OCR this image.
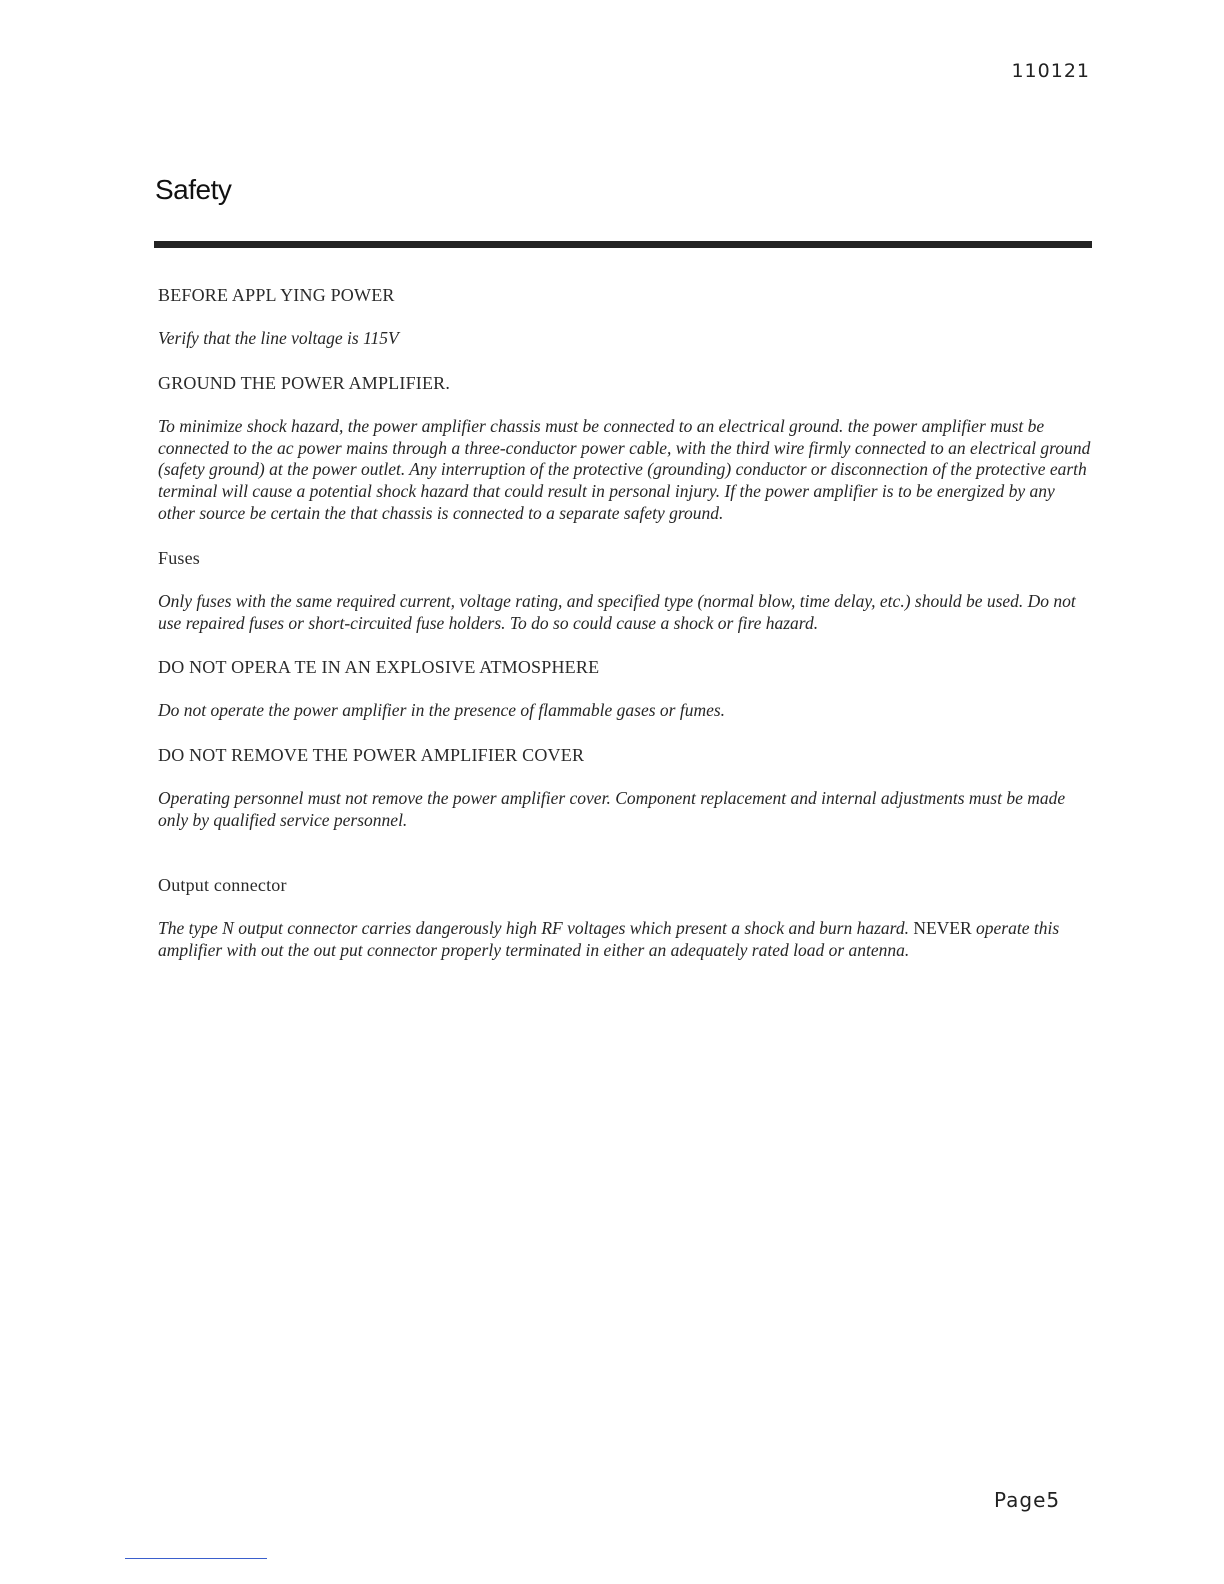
110121
Safety

BEFORE APPL YING POWER

Verify that the line voltage is 115V

GROUND THE POWER AMPLIFIER.

To minimize shock hazard, the power amplifier chassis must be connected to an electrical ground. the power amplifier must be connected to the ac power mains through a three-conductor power cable, with the third wire firmly connected to an electrical ground (safety ground) at the power outlet. Any interruption of the protective (grounding) conductor or disconnection of the protective earth terminal will cause a potential shock hazard that could result in personal injury. If the power amplifier is to be energized by any other source be certain the that chassis is connected to a separate safety ground.

Fuses

Only fuses with the same required current, voltage rating, and specified type (normal blow, time delay, etc.) should be used. Do not use repaired fuses or short-circuited fuse holders. To do so could cause a shock or fire hazard.

DO NOT OPERA TE IN AN EXPLOSIVE ATMOSPHERE

Do not operate the power amplifier in the presence of flammable gases or fumes.

DO NOT REMOVE THE POWER AMPLIFIER COVER

Operating personnel must not remove the power amplifier cover. Component replacement and internal adjustments must be made only by qualified service personnel.

Output connector

The type N output connector carries dangerously high RF voltages which present a shock and burn hazard. NEVER operate this amplifier with out the out put connector properly terminated in either an adequately rated load or antenna.

Page5
